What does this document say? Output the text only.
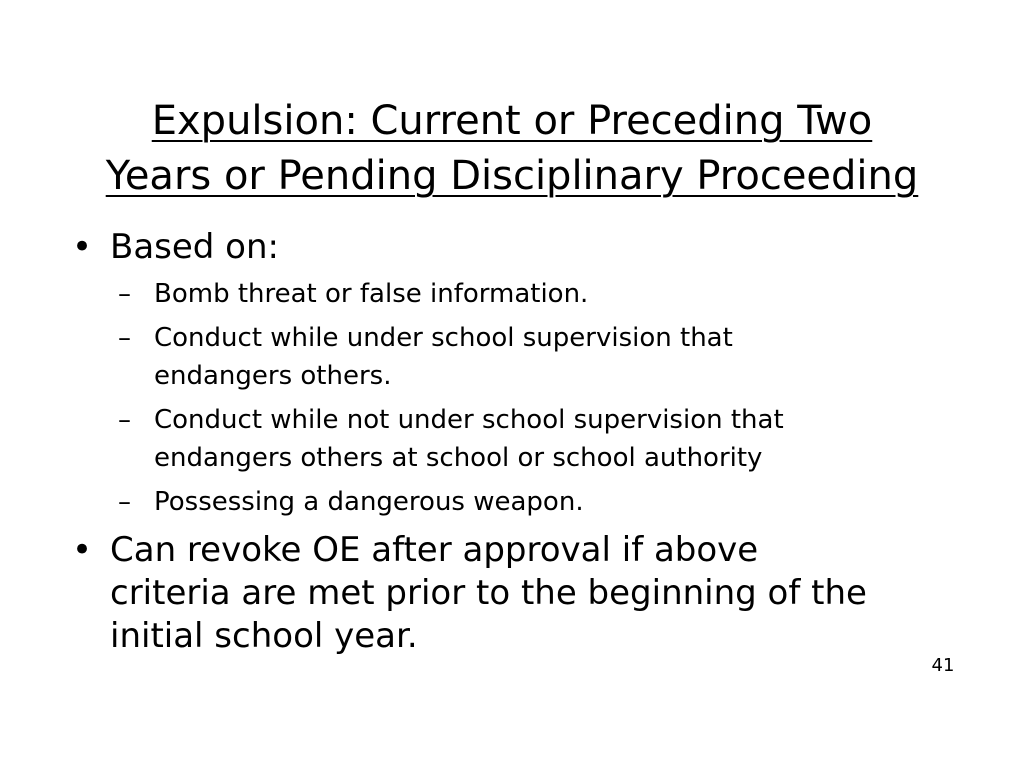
Expulsion: Current or Preceding Two
Years or Pending Disciplinary Proceeding
• Based on:
– Bomb threat or false information.
– Conduct while under school supervision that
endangers others.
– Conduct while not under school supervision that
endangers others at school or school authority
– Possessing a dangerous weapon.
• Can revoke OE after approval if above
criteria are met prior to the beginning of the
initial school year.
41
